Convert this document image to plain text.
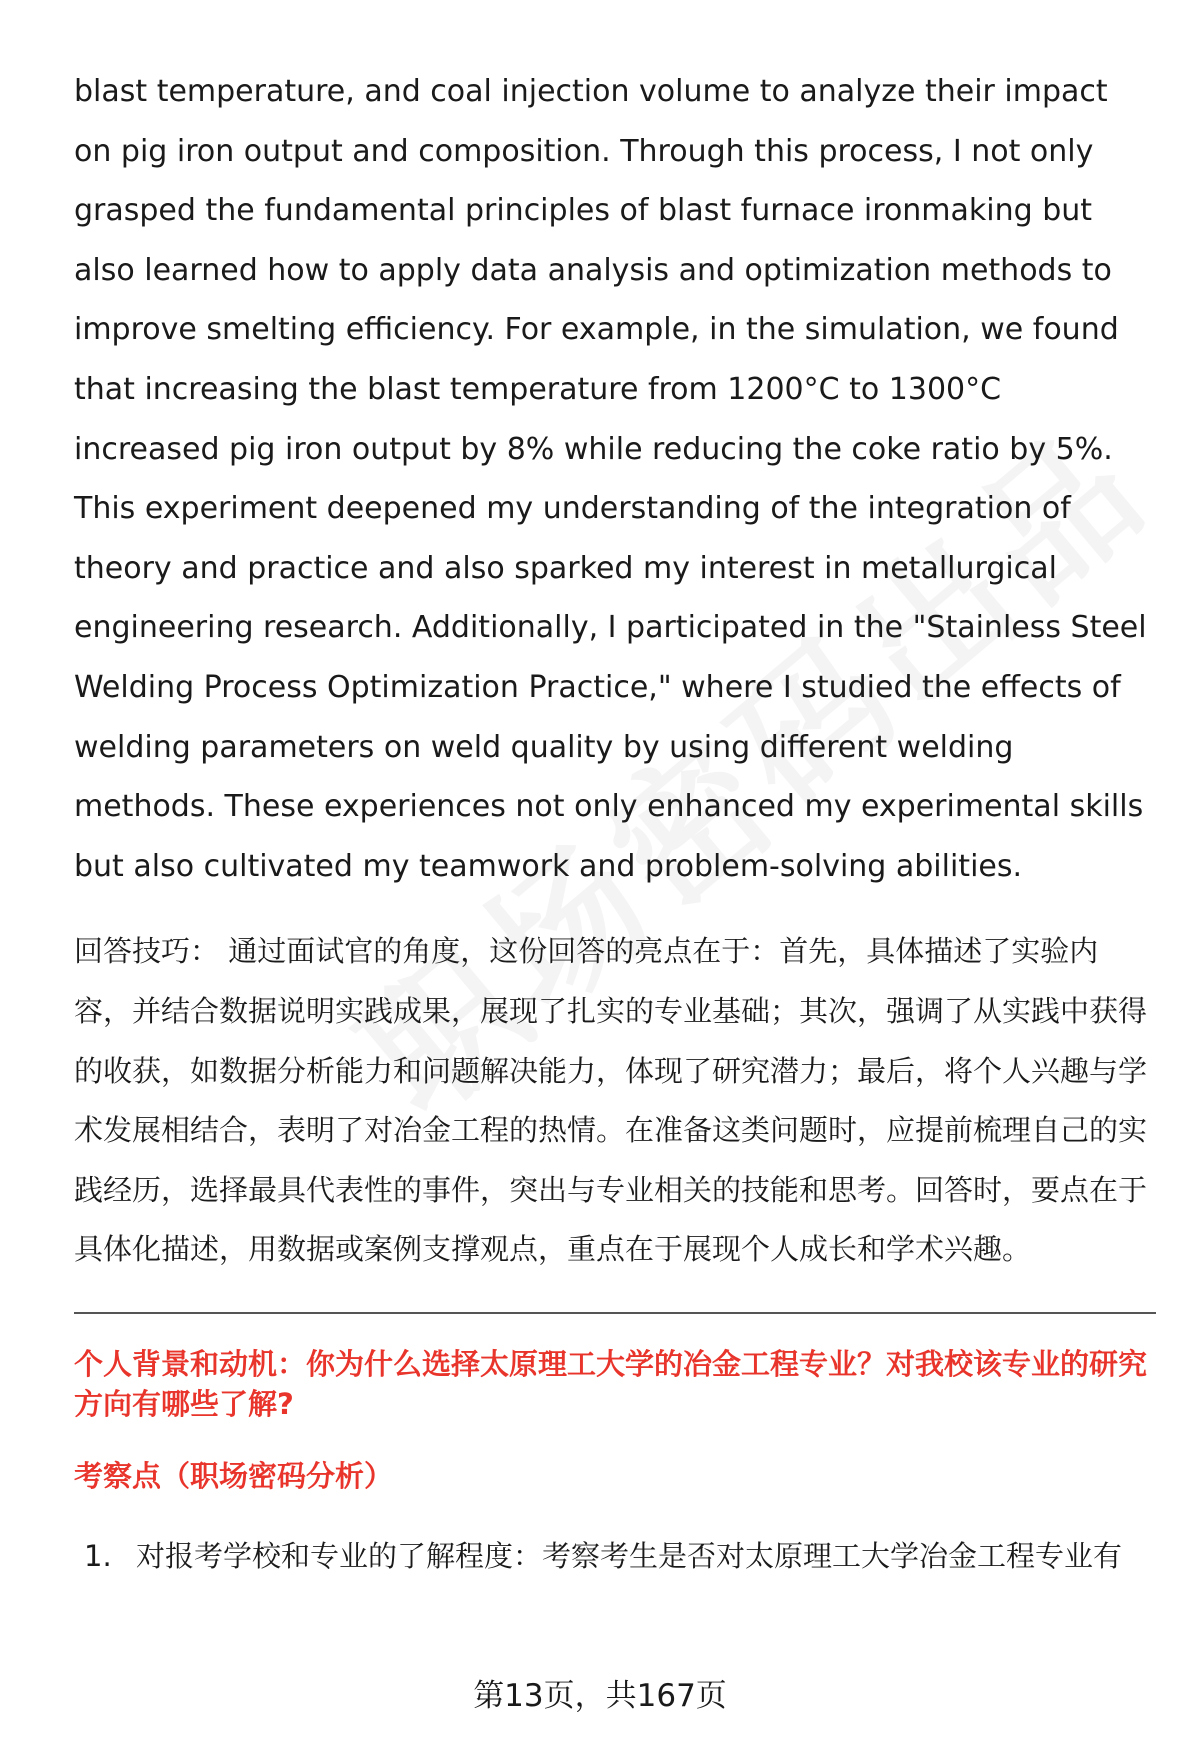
blast temperature, and coal injection volume to analyze their impact on pig iron output and composition. Through this process, I not only grasped the fundamental principles of blast furnace ironmaking but also learned how to apply data analysis and optimization methods to improve smelting efficiency. For example, in the simulation, we found that increasing the blast temperature from 1200°C to 1300°C increased pig iron output by 8% while reducing the coke ratio by 5%. This experiment deepened my understanding of the integration of theory and practice and also sparked my interest in metallurgical engineering research. Additionally, I participated in the "Stainless Steel Welding Process Optimization Practice," where I studied the effects of welding parameters on weld quality by using different welding methods. These experiences not only enhanced my experimental skills but also cultivated my teamwork and problem-solving abilities.

回答技巧： 通过面试官的角度，这份回答的亮点在于：首先，具体描述了实验内容，并结合数据说明实践成果，展现了扎实的专业基础；其次，强调了从实践中获得的收获，如数据分析能力和问题解决能力，体现了研究潜力；最后，将个人兴趣与学术发展相结合，表明了对冶金工程的热情。在准备这类问题时，应提前梳理自己的实践经历，选择最具代表性的事件，突出与专业相关的技能和思考。回答时，要点在于具体化描述，用数据或案例支撑观点，重点在于展现个人成长和学术兴趣。

个人背景和动机：你为什么选择太原理工大学的冶金工程专业？对我校该专业的研究方向有哪些了解?

考察点（职场密码分析）

1. 对报考学校和专业的了解程度：考察考生是否对太原理工大学冶金工程专业有
第13页，共167页
